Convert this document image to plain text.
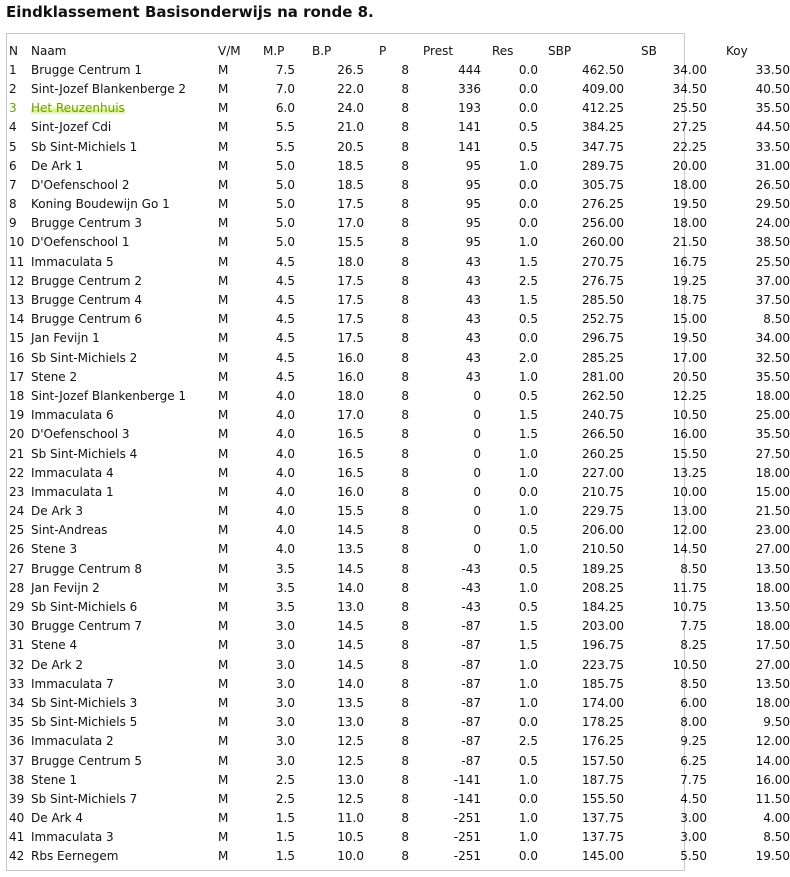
Eindklassement Basisonderwijs na ronde 8.
N	Naam	V/M	M.P	B.P	P	Prest	Res	SBP	SB	Koy
1	Brugge Centrum 1	M	7.5	26.5	8	444	0.0	462.50	34.00	33.50
2	Sint-Jozef Blankenberge 2	M	7.0	22.0	8	336	0.0	409.00	34.50	40.50
3	Het Reuzenhuis	M	6.0	24.0	8	193	0.0	412.25	25.50	35.50
4	Sint-Jozef Cdi	M	5.5	21.0	8	141	0.5	384.25	27.25	44.50
5	Sb Sint-Michiels 1	M	5.5	20.5	8	141	0.5	347.75	22.25	33.50
6	De Ark 1	M	5.0	18.5	8	95	1.0	289.75	20.00	31.00
7	D'Oefenschool 2	M	5.0	18.5	8	95	0.0	305.75	18.00	26.50
8	Koning Boudewijn Go 1	M	5.0	17.5	8	95	0.0	276.25	19.50	29.50
9	Brugge Centrum 3	M	5.0	17.0	8	95	0.0	256.00	18.00	24.00
10	D'Oefenschool 1	M	5.0	15.5	8	95	1.0	260.00	21.50	38.50
11	Immaculata 5	M	4.5	18.0	8	43	1.5	270.75	16.75	25.50
12	Brugge Centrum 2	M	4.5	17.5	8	43	2.5	276.75	19.25	37.00
13	Brugge Centrum 4	M	4.5	17.5	8	43	1.5	285.50	18.75	37.50
14	Brugge Centrum 6	M	4.5	17.5	8	43	0.5	252.75	15.00	8.50
15	Jan Fevijn 1	M	4.5	17.5	8	43	0.0	296.75	19.50	34.00
16	Sb Sint-Michiels 2	M	4.5	16.0	8	43	2.0	285.25	17.00	32.50
17	Stene 2	M	4.5	16.0	8	43	1.0	281.00	20.50	35.50
18	Sint-Jozef Blankenberge 1	M	4.0	18.0	8	0	0.5	262.50	12.25	18.00
19	Immaculata 6	M	4.0	17.0	8	0	1.5	240.75	10.50	25.00
20	D'Oefenschool 3	M	4.0	16.5	8	0	1.5	266.50	16.00	35.50
21	Sb Sint-Michiels 4	M	4.0	16.5	8	0	1.0	260.25	15.50	27.50
22	Immaculata 4	M	4.0	16.5	8	0	1.0	227.00	13.25	18.00
23	Immaculata 1	M	4.0	16.0	8	0	0.0	210.75	10.00	15.00
24	De Ark 3	M	4.0	15.5	8	0	1.0	229.75	13.00	21.50
25	Sint-Andreas	M	4.0	14.5	8	0	0.5	206.00	12.00	23.00
26	Stene 3	M	4.0	13.5	8	0	1.0	210.50	14.50	27.00
27	Brugge Centrum 8	M	3.5	14.5	8	-43	0.5	189.25	8.50	13.50
28	Jan Fevijn 2	M	3.5	14.0	8	-43	1.0	208.25	11.75	18.00
29	Sb Sint-Michiels 6	M	3.5	13.0	8	-43	0.5	184.25	10.75	13.50
30	Brugge Centrum 7	M	3.0	14.5	8	-87	1.5	203.00	7.75	18.00
31	Stene 4	M	3.0	14.5	8	-87	1.5	196.75	8.25	17.50
32	De Ark 2	M	3.0	14.5	8	-87	1.0	223.75	10.50	27.00
33	Immaculata 7	M	3.0	14.0	8	-87	1.0	185.75	8.50	13.50
34	Sb Sint-Michiels 3	M	3.0	13.5	8	-87	1.0	174.00	6.00	18.00
35	Sb Sint-Michiels 5	M	3.0	13.0	8	-87	0.0	178.25	8.00	9.50
36	Immaculata 2	M	3.0	12.5	8	-87	2.5	176.25	9.25	12.00
37	Brugge Centrum 5	M	3.0	12.5	8	-87	0.5	157.50	6.25	14.00
38	Stene 1	M	2.5	13.0	8	-141	1.0	187.75	7.75	16.00
39	Sb Sint-Michiels 7	M	2.5	12.5	8	-141	0.0	155.50	4.50	11.50
40	De Ark 4	M	1.5	11.0	8	-251	1.0	137.75	3.00	4.00
41	Immaculata 3	M	1.5	10.5	8	-251	1.0	137.75	3.00	8.50
42	Rbs Eernegem	M	1.5	10.0	8	-251	0.0	145.00	5.50	19.50
